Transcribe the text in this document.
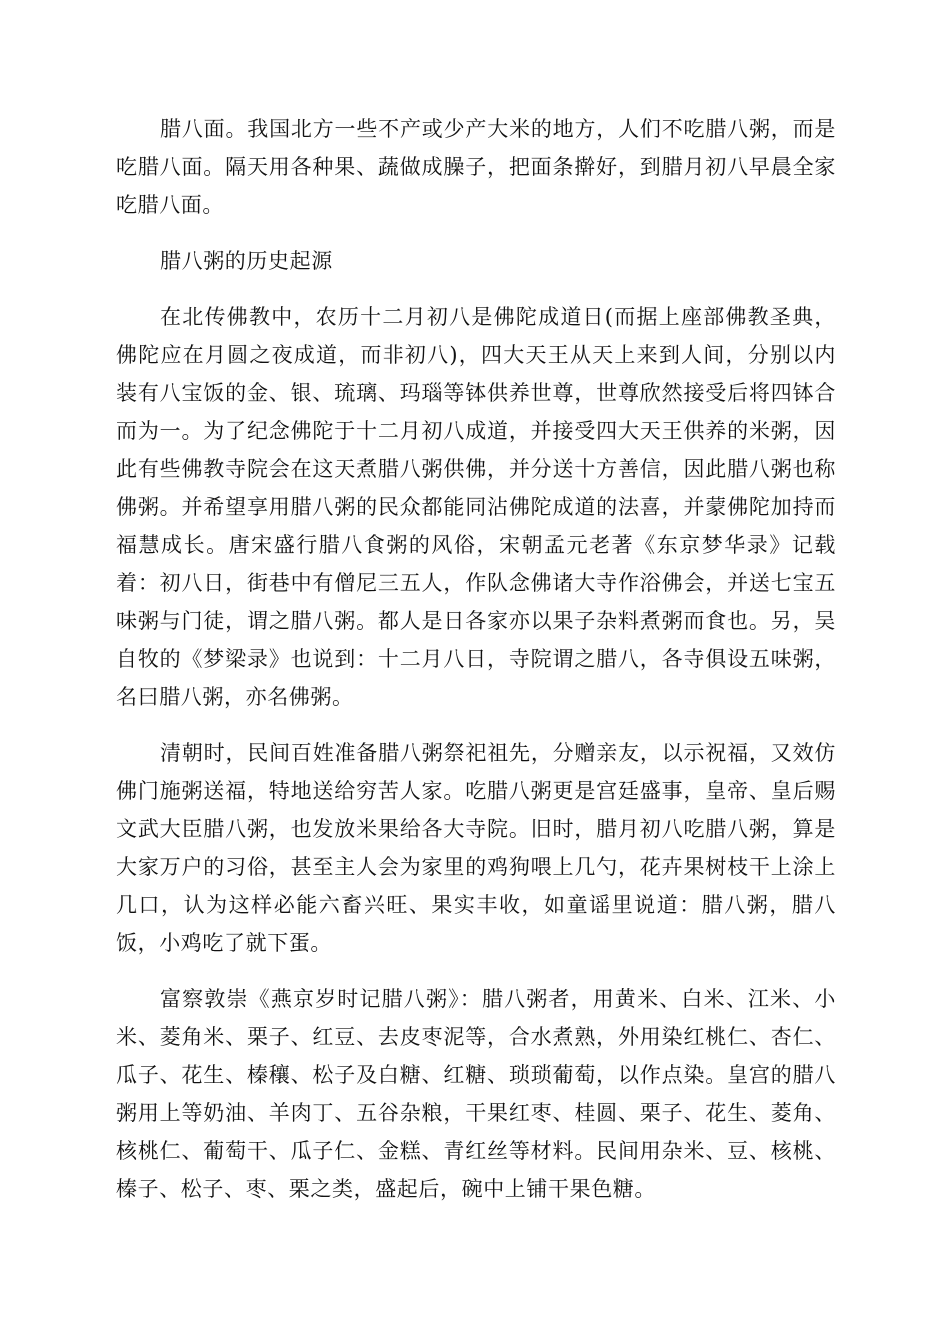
腊八面。我国北方一些不产或少产大米的地方，人们不吃腊八粥，而是吃腊八面。隔天用各种果、蔬做成臊子，把面条擀好，到腊月初八早晨全家吃腊八面。

腊八粥的历史起源

在北传佛教中，农历十二月初八是佛陀成道日(而据上座部佛教圣典，佛陀应在月圆之夜成道，而非初八)，四大天王从天上来到人间，分别以内装有八宝饭的金、银、琉璃、玛瑙等钵供养世尊，世尊欣然接受后将四钵合而为一。为了纪念佛陀于十二月初八成道，并接受四大天王供养的米粥，因此有些佛教寺院会在这天煮腊八粥供佛，并分送十方善信，因此腊八粥也称佛粥。并希望享用腊八粥的民众都能同沾佛陀成道的法喜，并蒙佛陀加持而福慧成长。唐宋盛行腊八食粥的风俗，宋朝孟元老著《东京梦华录》记载着：初八日，街巷中有僧尼三五人，作队念佛诸大寺作浴佛会，并送七宝五味粥与门徒，谓之腊八粥。都人是日各家亦以果子杂料煮粥而食也。另，吴自牧的《梦梁录》也说到：十二月八日，寺院谓之腊八，各寺俱设五味粥，名曰腊八粥，亦名佛粥。

清朝时，民间百姓准备腊八粥祭祀祖先，分赠亲友，以示祝福，又效仿佛门施粥送福，特地送给穷苦人家。吃腊八粥更是宫廷盛事，皇帝、皇后赐文武大臣腊八粥，也发放米果给各大寺院。旧时，腊月初八吃腊八粥，算是大家万户的习俗，甚至主人会为家里的鸡狗喂上几勺，花卉果树枝干上涂上几口，认为这样必能六畜兴旺、果实丰收，如童谣里说道：腊八粥，腊八饭，小鸡吃了就下蛋。

富察敦崇《燕京岁时记腊八粥》：腊八粥者，用黄米、白米、江米、小米、菱角米、栗子、红豆、去皮枣泥等，合水煮熟，外用染红桃仁、杏仁、瓜子、花生、榛穰、松子及白糖、红糖、琐琐葡萄，以作点染。皇宫的腊八粥用上等奶油、羊肉丁、五谷杂粮，干果红枣、桂圆、栗子、花生、菱角、核桃仁、葡萄干、瓜子仁、金糕、青红丝等材料。民间用杂米、豆、核桃、榛子、松子、枣、栗之类，盛起后，碗中上铺干果色糖。
